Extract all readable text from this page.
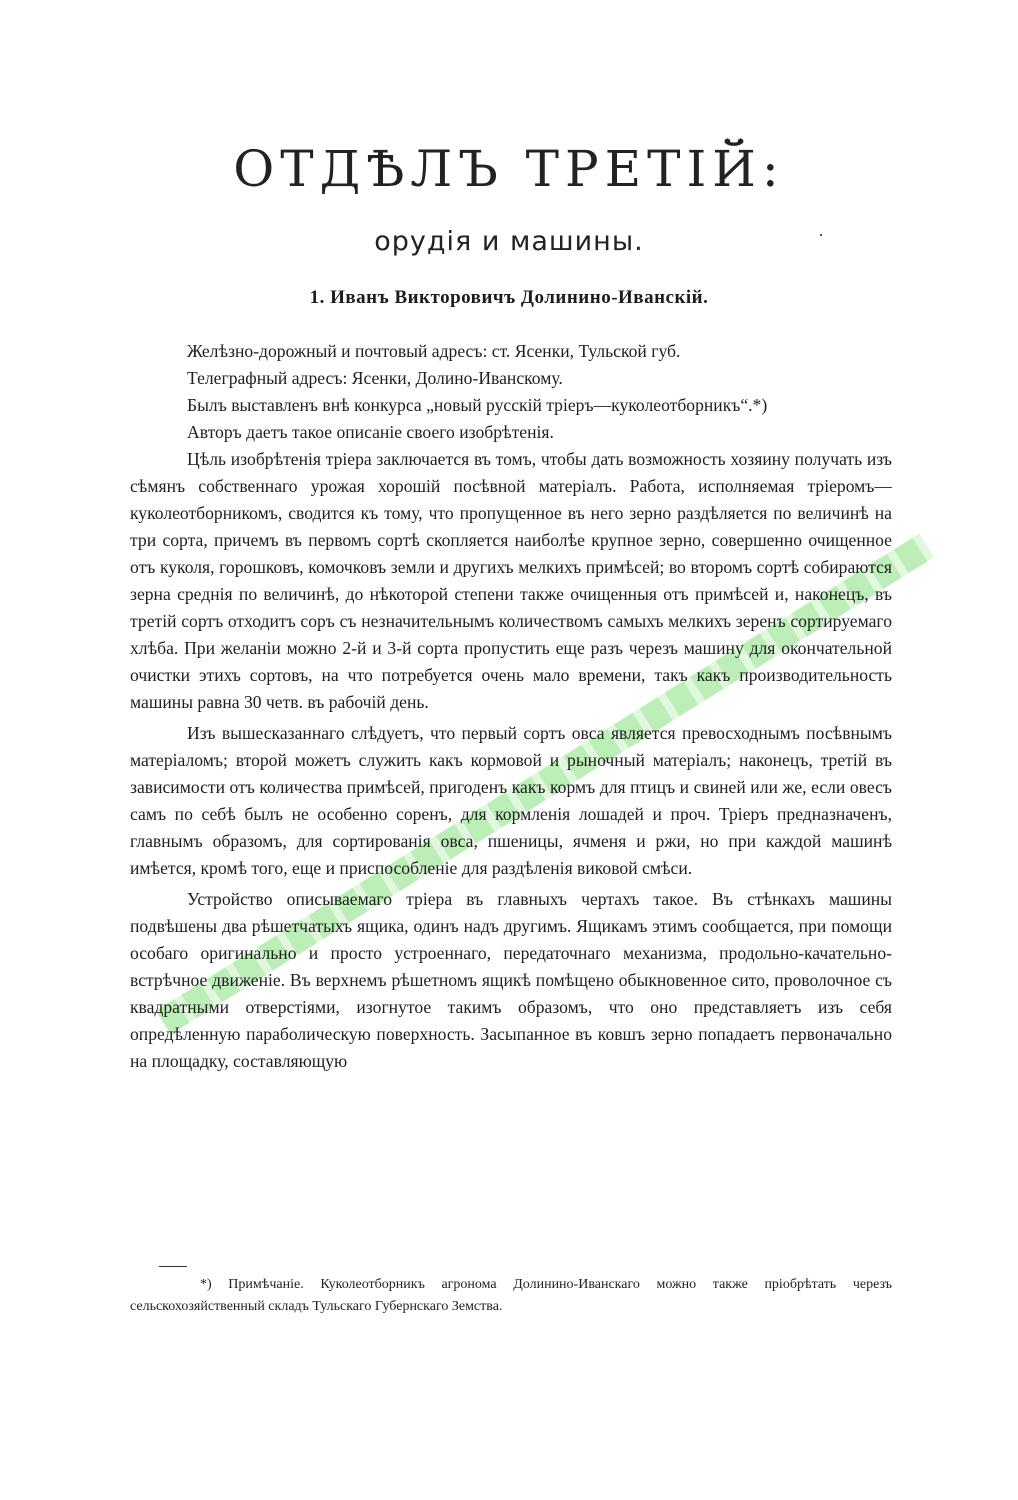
ОТДѢЛЪ ТРЕТІЙ:
орудія и машины.
1. Иванъ Викторовичъ Долинино-Иванскій.

Желѣзно-дорожный и почтовый адресъ: ст. Ясенки, Тульской губ.

Телеграфный адресъ: Ясенки, Долино-Иванскому.

Былъ выставленъ внѣ конкурса „новый русскій тріеръ—куколеотборникъ“.*)

Авторъ даетъ такое описаніе своего изобрѣтенія.

Цѣль изобрѣтенія тріера заключается въ томъ, чтобы дать возможность хозяину получать изъ сѣмянъ собственнаго урожая хорошій посѣвной матеріалъ. Работа, исполняемая тріеромъ—куколеотборникомъ, сводится къ тому, что пропущенное въ него зерно раздѣляется по величинѣ на три сорта, причемъ въ первомъ сортѣ скопляется наиболѣе крупное зерно, совершенно очищенное отъ куколя, горошковъ, комочковъ земли и другихъ мелкихъ примѣсей; во второмъ сортѣ собираются зерна среднія по величинѣ, до нѣкоторой степени также очищенныя отъ примѣсей и, наконецъ, въ третій сортъ отходитъ соръ съ незначительнымъ количествомъ самыхъ мелкихъ зеренъ сортируемаго хлѣба. При желаніи можно 2-й и 3-й сорта пропустить еще разъ черезъ машину для окончательной очистки этихъ сортовъ, на что потребуется очень мало времени, такъ какъ производительность машины равна 30 четв. въ рабочій день.

Изъ вышесказаннаго слѣдуетъ, что первый сортъ овса является превосходнымъ посѣвнымъ матеріаломъ; второй можетъ служить какъ кормовой и рыночный матеріалъ; наконецъ, третій въ зависимости отъ количества примѣсей, пригоденъ какъ кормъ для птицъ и свиней или же, если овесъ самъ по себѣ былъ не особенно соренъ, для кормленія лошадей и проч. Тріеръ предназначенъ, главнымъ образомъ, для сортированія овса, пшеницы, ячменя и ржи, но при каждой машинѣ имѣется, кромѣ того, еще и приспособленіе для раздѣленія виковой смѣси.

Устройство описываемаго тріера въ главныхъ чертахъ такое. Въ стѣнкахъ машины подвѣшены два рѣшетчатыхъ ящика, одинъ надъ другимъ. Ящикамъ этимъ сообщается, при помощи особаго оригинально и просто устроеннаго, передаточнаго механизма, продольно-качательно-встрѣчное движеніе. Въ верхнемъ рѣшетномъ ящикѣ помѣщено обыкновенное сито, проволочное съ квадратными отверстіями, изогнутое такимъ образомъ, что оно представляетъ изъ себя опредѣленную параболическую поверхность. Засыпанное въ ковшъ зерно попадаетъ первоначально на площадку, составляющую

*) Примѣчаніе. Куколеотборникъ агронома Долинино-Иванскаго можно также пріобрѣтать черезъ сельскохозяйственный складъ Тульскаго Губернскаго Земства.
